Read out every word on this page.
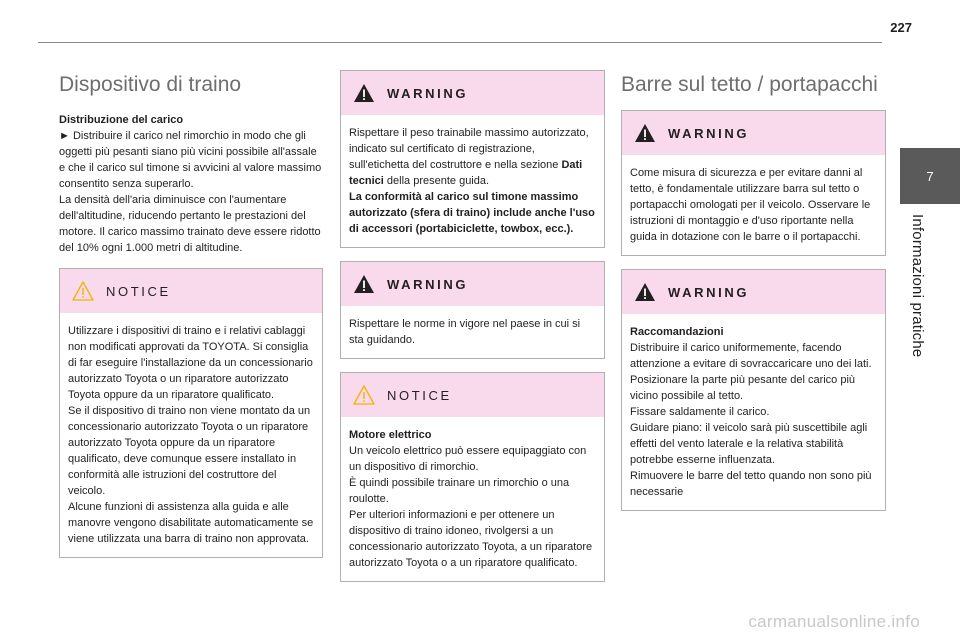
227
7
Informazioni pratiche
Dispositivo di traino
Distribuzione del carico

► Distribuire il carico nel rimorchio in modo che gli oggetti più pesanti siano più vicini possibile all'assale e che il carico sul timone si avvicini al valore massimo consentito senza superarlo.
La densità dell'aria diminuisce con l'aumentare dell'altitudine, riducendo pertanto le prestazioni del motore. Il carico massimo trainato deve essere ridotto del 10% ogni 1.000 metri di altitudine.

NOTICE

Utilizzare i dispositivi di traino e i relativi cablaggi non modificati approvati da TOYOTA. Si consiglia di far eseguire l'installazione da un concessionario autorizzato Toyota o un riparatore autorizzato Toyota oppure da un riparatore qualificato.
Se il dispositivo di traino non viene montato da un concessionario autorizzato Toyota o un riparatore autorizzato Toyota oppure da un riparatore qualificato, deve comunque essere installato in conformità alle istruzioni del costruttore del veicolo.
Alcune funzioni di assistenza alla guida e alle manovre vengono disabilitate automaticamente se viene utilizzata una barra di traino non approvata.

WARNING

Rispettare il peso trainabile massimo autorizzato, indicato sul certificato di registrazione, sull'etichetta del costruttore e nella sezione Dati tecnici della presente guida.
La conformità al carico sul timone massimo autorizzato (sfera di traino) include anche l'uso di accessori (portabiciclette, towbox, ecc.).

WARNING

Rispettare le norme in vigore nel paese in cui si sta guidando.

NOTICE
Motore elettrico

Un veicolo elettrico può essere equipaggiato con un dispositivo di rimorchio.
È quindi possibile trainare un rimorchio o una roulotte.
Per ulteriori informazioni e per ottenere un dispositivo di traino idoneo, rivolgersi a un concessionario autorizzato Toyota, a un riparatore autorizzato Toyota o a un riparatore qualificato.

Barre sul tetto / portapacchi
WARNING

Come misura di sicurezza e per evitare danni al tetto, è fondamentale utilizzare barra sul tetto o portapacchi omologati per il veicolo. Osservare le istruzioni di montaggio e d'uso riportante nella guida in dotazione con le barre o il portapacchi.

WARNING
Raccomandazioni

Distribuire il carico uniformemente, facendo attenzione a evitare di sovraccaricare uno dei lati.
Posizionare la parte più pesante del carico più vicino possibile al tetto.
Fissare saldamente il carico.
Guidare piano: il veicolo sarà più suscettibile agli effetti del vento laterale e la relativa stabilità potrebbe esserne influenzata.
Rimuovere le barre del tetto quando non sono più necessarie

carmanualsonline.info
